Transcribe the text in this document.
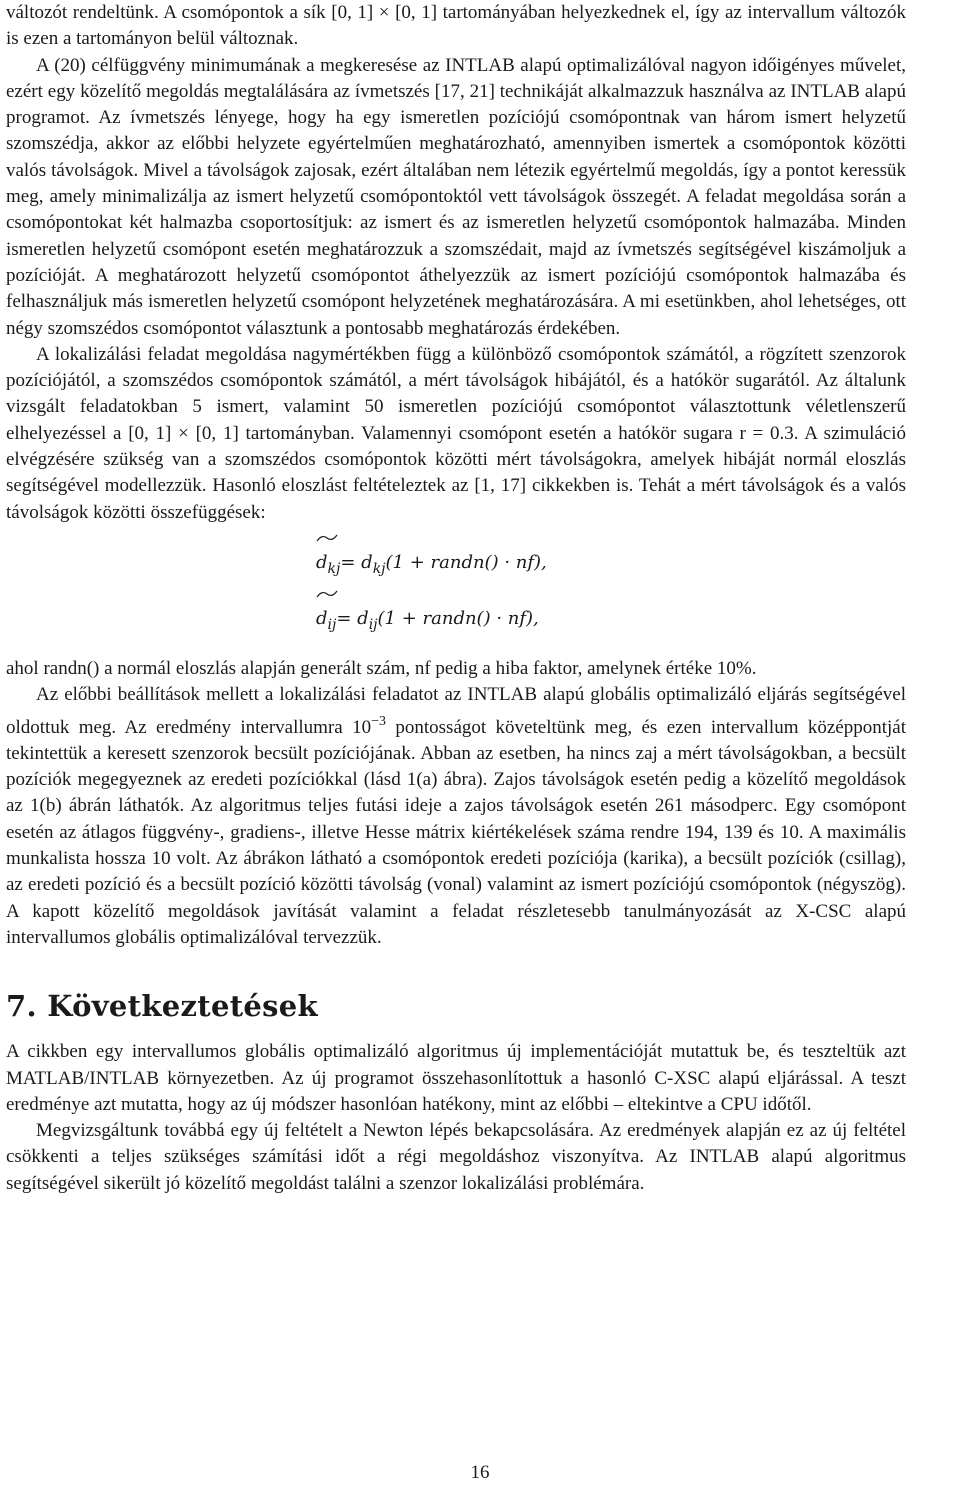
változót rendeltünk. A csomópontok a sík [0, 1] × [0, 1] tartományában helyezkednek el, így az intervallum változók is ezen a tartományon belül változnak.

A (20) célfüggvény minimumának a megkeresése az INTLAB alapú optimalizálóval nagyon időigényes művelet, ezért egy közelítő megoldás megtalálására az ívmetszés [17, 21] technikáját alkalmazzuk használva az INTLAB alapú programot. Az ívmetszés lényege, hogy ha egy ismeretlen pozíciójú csomópontnak van három ismert helyzetű szomszédja, akkor az előbbi helyzete egyértelműen meghatározható, amennyiben ismertek a csomópontok közötti valós távolságok. Mivel a távolságok zajosak, ezért általában nem létezik egyértelmű megoldás, így a pontot keressük meg, amely minimalizálja az ismert helyzetű csomópontoktól vett távolságok összegét. A feladat megoldása során a csomópontokat két halmazba csoportosítjuk: az ismert és az ismeretlen helyzetű csomópontok halmazába. Minden ismeretlen helyzetű csomópont esetén meghatározzuk a szomszédait, majd az ívmetszés segítségével kiszámoljuk a pozícióját. A meghatározott helyzetű csomópontot áthelyezzük az ismert pozíciójú csomópontok halmazába és felhasználjuk más ismeretlen helyzetű csomópont helyzetének meghatározására. A mi esetünkben, ahol lehetséges, ott négy szomszédos csomópontot választunk a pontosabb meghatározás érdekében.

A lokalizálási feladat megoldása nagymértékben függ a különböző csomópontok számától, a rögzített szenzorok pozíciójától, a szomszédos csomópontok számától, a mért távolságok hibájától, és a hatókör sugarától. Az általunk vizsgált feladatokban 5 ismert, valamint 50 ismeretlen pozíciójú csomópontot választottunk véletlenszerű elhelyezéssel a [0, 1] × [0, 1] tartományban. Valamennyi csomópont esetén a hatókör sugara r = 0.3. A szimuláció elvégzésére szükség van a szomszédos csomópontok közötti mért távolságokra, amelyek hibáját normál eloszlás segítségével modellezzük. Hasonló eloszlást feltételeztek az [1, 17] cikkekben is. Tehát a mért távolságok és a valós távolságok közötti összefüggések:

$d_{kj} = d_{kj}(1$ + randn() · nf),
$d_{ij} = d_{ij}(1$ + randn() · nf),

ahol randn() a normál eloszlás alapján generált szám, nf pedig a hiba faktor, amelynek értéke 10%.

Az előbbi beállítások mellett a lokalizálási feladatot az INTLAB alapú globális optimalizáló eljárás segítségével oldottuk meg. Az eredmény intervallumra $10^{-3}$ pontosságot követeltünk meg, és ezen intervallum középpontját tekintettük a keresett szenzorok becsült pozíciójának. Abban az esetben, ha nincs zaj a mért távolságokban, a becsült pozíciók megegyeznek az eredeti pozíciókkal (lásd 1(a) ábra). Zajos távolságok esetén pedig a közelítő megoldások az 1(b) ábrán láthatók. Az algoritmus teljes futási ideje a zajos távolságok esetén 261 másodperc. Egy csomópont esetén az átlagos függvény-, gradiens-, illetve Hesse mátrix kiértékelések száma rendre 194, 139 és 10. A maximális munkalista hossza 10 volt. Az ábrákon látható a csomópontok eredeti pozíciója (karika), a becsült pozíciók (csillag), az eredeti pozíció és a becsült pozíció közötti távolság (vonal) valamint az ismert pozíciójú csomópontok (négyszög). A kapott közelítő megoldások javítását valamint a feladat részletesebb tanulmányozását az X-CSC alapú intervallumos globális optimalizálóval tervezzük.

7. Következtetések

A cikkben egy intervallumos globális optimalizáló algoritmus új implementációját mutattuk be, és teszteltük azt MATLAB/INTLAB környezetben. Az új programot összehasonlítottuk a hasonló C-XSC alapú eljárással. A teszt eredménye azt mutatta, hogy az új módszer hasonlóan hatékony, mint az előbbi – eltekintve a CPU időtől.

Megvizsgáltunk továbbá egy új feltételt a Newton lépés bekapcsolására. Az eredmények alapján ez az új feltétel csökkenti a teljes szükséges számítási időt a régi megoldáshoz viszonyítva. Az INTLAB alapú algoritmus segítségével sikerült jó közelítő megoldást találni a szenzor lokalizálási problémára.

16
